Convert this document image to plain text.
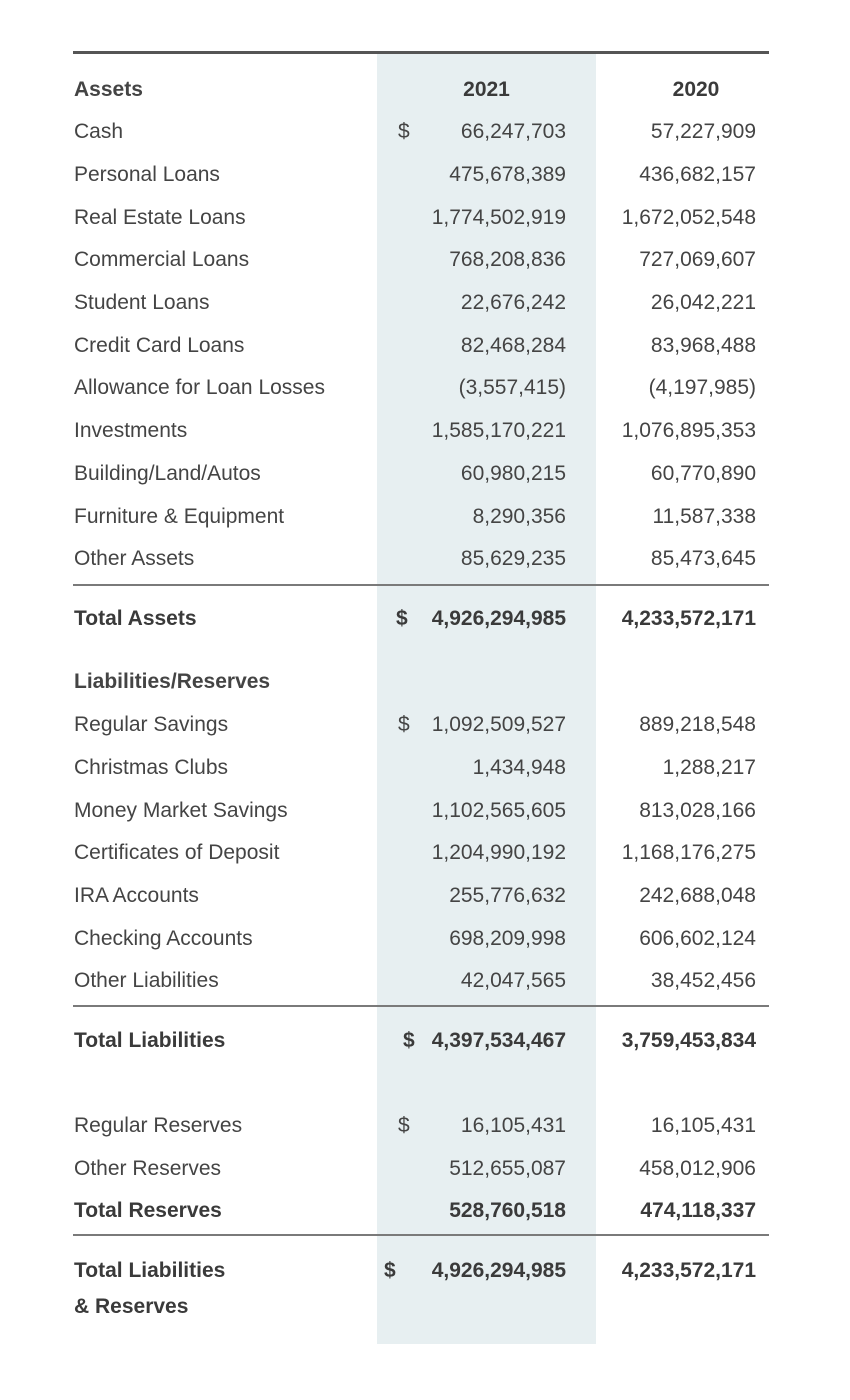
Assets	2021	2020
Cash	$ 66,247,703	57,227,909
Personal Loans	475,678,389	436,682,157
Real Estate Loans	1,774,502,919	1,672,052,548
Commercial Loans	768,208,836	727,069,607
Student Loans	22,676,242	26,042,221
Credit Card Loans	82,468,284	83,968,488
Allowance for Loan Losses	(3,557,415)	(4,197,985)
Investments	1,585,170,221	1,076,895,353
Building/Land/Autos	60,980,215	60,770,890
Furniture & Equipment	8,290,356	11,587,338
Other Assets	85,629,235	85,473,645
Total Assets	$ 4,926,294,985	4,233,572,171
Liabilities/Reserves
Regular Savings	$ 1,092,509,527	889,218,548
Christmas Clubs	1,434,948	1,288,217
Money Market Savings	1,102,565,605	813,028,166
Certificates of Deposit	1,204,990,192	1,168,176,275
IRA Accounts	255,776,632	242,688,048
Checking Accounts	698,209,998	606,602,124
Other Liabilities	42,047,565	38,452,456
Total Liabilities	$ 4,397,534,467	3,759,453,834
Regular Reserves	$ 16,105,431	16,105,431
Other Reserves	512,655,087	458,012,906
Total Reserves	528,760,518	474,118,337
Total Liabilities
& Reserves
$ 4,926,294,985	4,233,572,171
